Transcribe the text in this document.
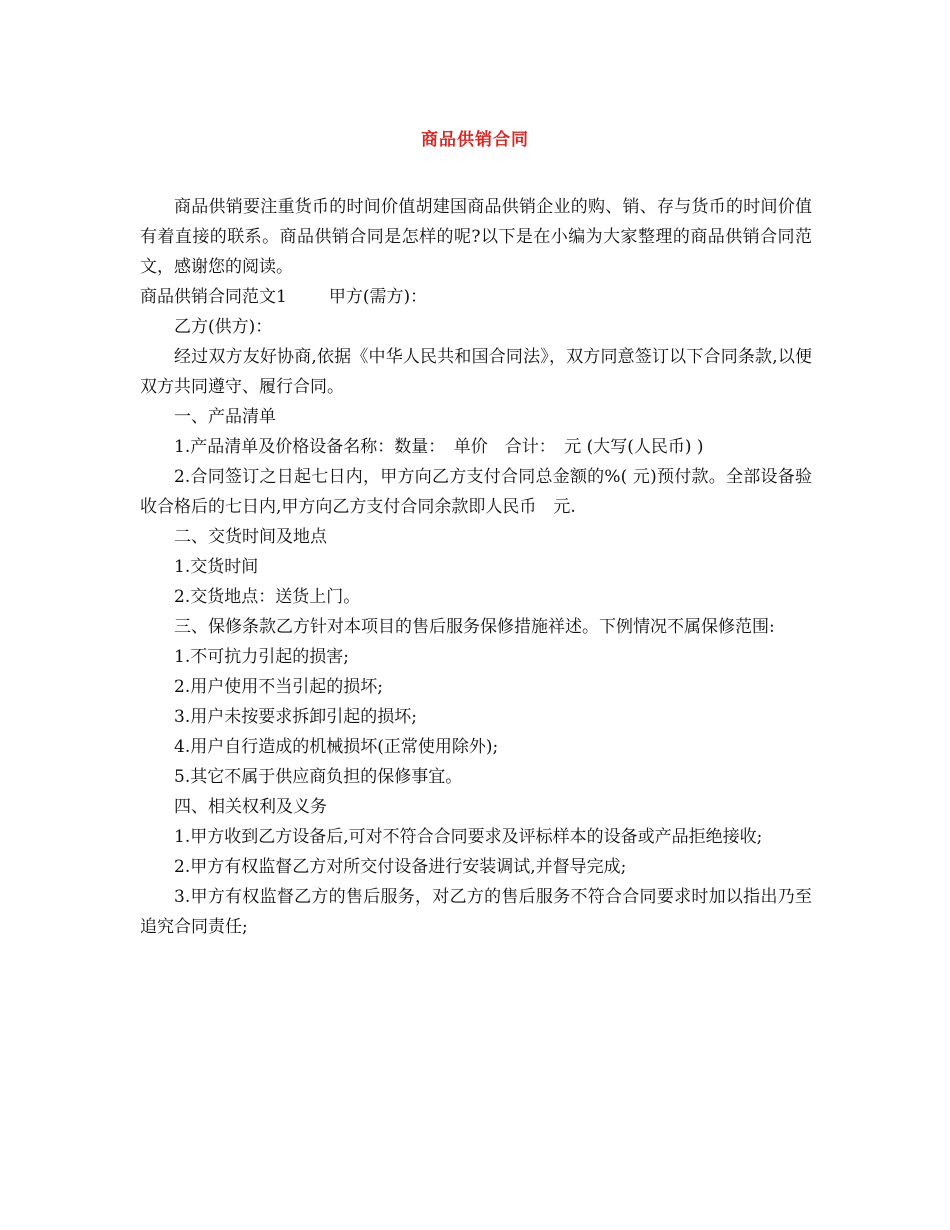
商品供销合同

商品供销要注重货币的时间价值胡建国商品供销企业的购、销、存与货币的时间价值有着直接的联系。商品供销合同是怎样的呢?以下是在小编为大家整理的商品供销合同范文，感谢您的阅读。

商品供销合同范文1 甲方(需方)：

乙方(供方)：

经过双方友好协商,依据《中华人民共和国合同法》，双方同意签订以下合同条款,以便双方共同遵守、履行合同。

一、产品清单

1.产品清单及价格设备名称：数量：　单价　合计：　元 (大写(人民币) )

2.合同签订之日起七日内，甲方向乙方支付合同总金额的%( 元)预付款。全部设备验收合格后的七日内,甲方向乙方支付合同余款即人民币　元.

二、交货时间及地点

1.交货时间

2.交货地点：送货上门。

三、保修条款乙方针对本项目的售后服务保修措施祥述。下例情况不属保修范围:

1.不可抗力引起的损害;

2.用户使用不当引起的损坏;

3.用户未按要求拆卸引起的损坏;

4.用户自行造成的机械损坏(正常使用除外);

5.其它不属于供应商负担的保修事宜。

四、相关权利及义务

1.甲方收到乙方设备后,可对不符合合同要求及评标样本的设备或产品拒绝接收;

2.甲方有权监督乙方对所交付设备进行安装调试,并督导完成;

3.甲方有权监督乙方的售后服务，对乙方的售后服务不符合合同要求时加以指出乃至追究合同责任;
